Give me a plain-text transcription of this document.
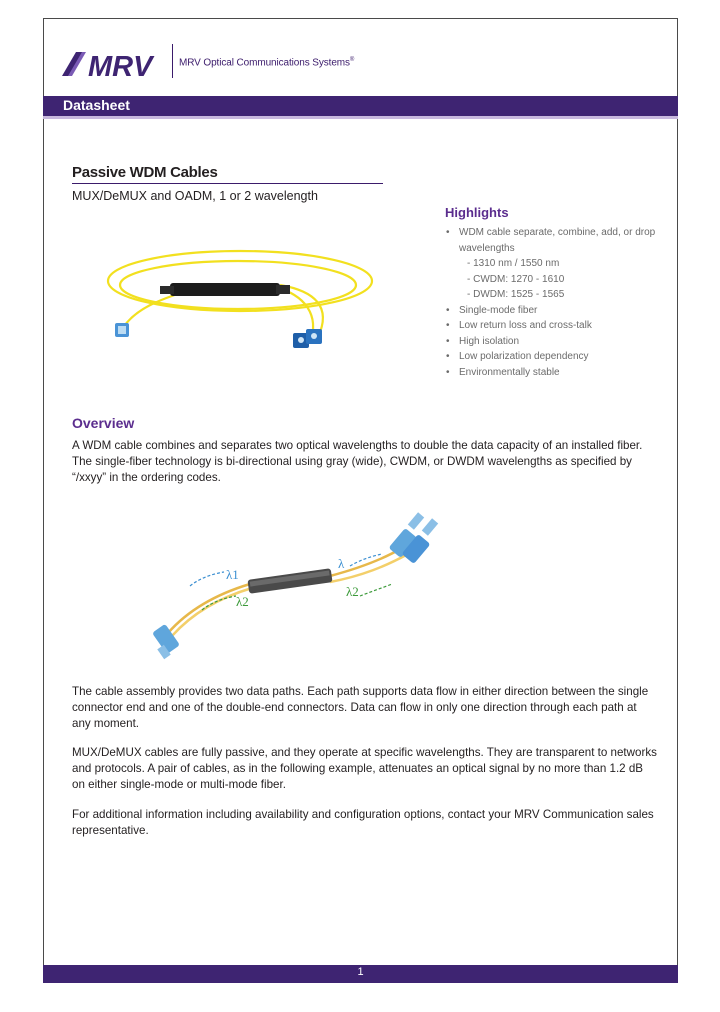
MRV	MRV Optical Communications Systems®
Datasheet
Passive WDM Cables
MUX/DeMUX and OADM, 1 or 2 wavelength
Highlights
• WDM cable separate, combine, add, or drop wavelengths
- 1310 nm / 1550 nm
- CWDM: 1270 - 1610
- DWDM: 1525 - 1565
• Single-mode fiber
• Low return loss and cross-talk
• High isolation
• Low polarization dependency
• Environmentally stable
Overview
A WDM cable combines and separates two optical wavelengths to double the data capacity of an installed fiber. The single-fiber technology is bi-directional using gray (wide), CWDM, or DWDM wavelengths as specified by “/xxyy” in the ordering codes.
λ1
λ2
λ
λ2
The cable assembly provides two data paths. Each path supports data flow in either direction between the single connector end and one of the double-end connectors. Data can flow in only one direction through each path at any moment.
MUX/DeMUX cables are fully passive, and they operate at specific wavelengths. They are transparent to networks and protocols. A pair of cables, as in the following example, attenuates an optical signal by no more than 1.2 dB on either single-mode or multi-mode fiber.
For additional information including availability and configuration options, contact your MRV Communication sales representative.
1
